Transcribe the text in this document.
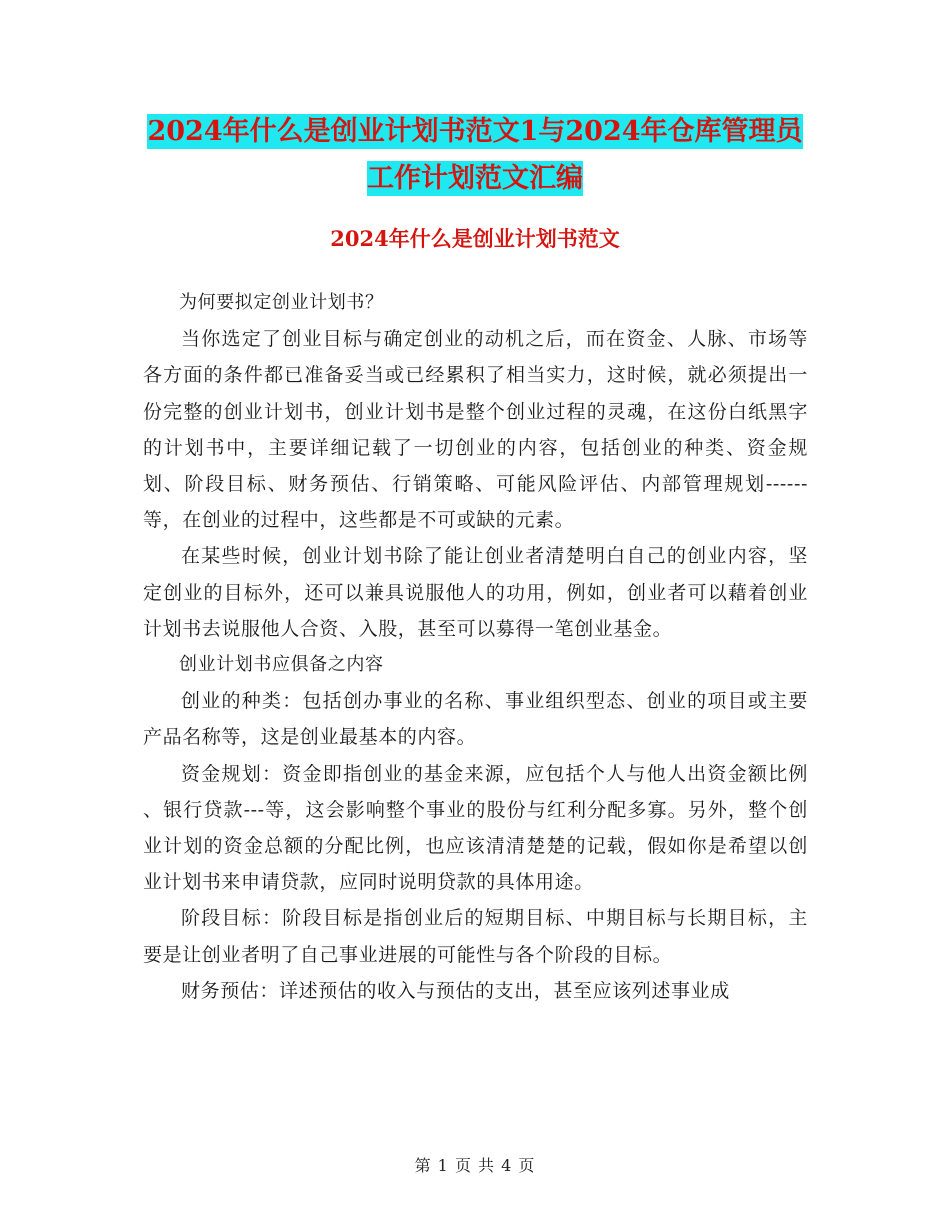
2024年什么是创业计划书范文1与2024年仓库管理员
工作计划范文汇编
2024年什么是创业计划书范文

为何要拟定创业计划书？

当你选定了创业目标与确定创业的动机之后，而在资金、人脉、市场等各方面的条件都已准备妥当或已经累积了相当实力，这时候，就必须提出一份完整的创业计划书，创业计划书是整个创业过程的灵魂，在这份白纸黑字的计划书中，主要详细记载了一切创业的内容，包括创业的种类、资金规划、阶段目标、财务预估、行销策略、可能风险评估、内部管理规划------等，在创业的过程中，这些都是不可或缺的元素。

在某些时候，创业计划书除了能让创业者清楚明白自己的创业内容，坚定创业的目标外，还可以兼具说服他人的功用，例如，创业者可以藉着创业计划书去说服他人合资、入股，甚至可以募得一笔创业基金。

创业计划书应俱备之内容

创业的种类：包括创办事业的名称、事业组织型态、创业的项目或主要产品名称等，这是创业最基本的内容。

资金规划：资金即指创业的基金来源，应包括个人与他人出资金额比例 、银行贷款---等，这会影响整个事业的股份与红利分配多寡。另外，整个创业计划的资金总额的分配比例，也应该清清楚楚的记载，假如你是希望以创业计划书来申请贷款，应同时说明贷款的具体用途。

阶段目标：阶段目标是指创业后的短期目标、中期目标与长期目标，主要是让创业者明了自己事业进展的可能性与各个阶段的目标。

财务预估：详述预估的收入与预估的支出，甚至应该列述事业成

第 1 页 共 4 页
